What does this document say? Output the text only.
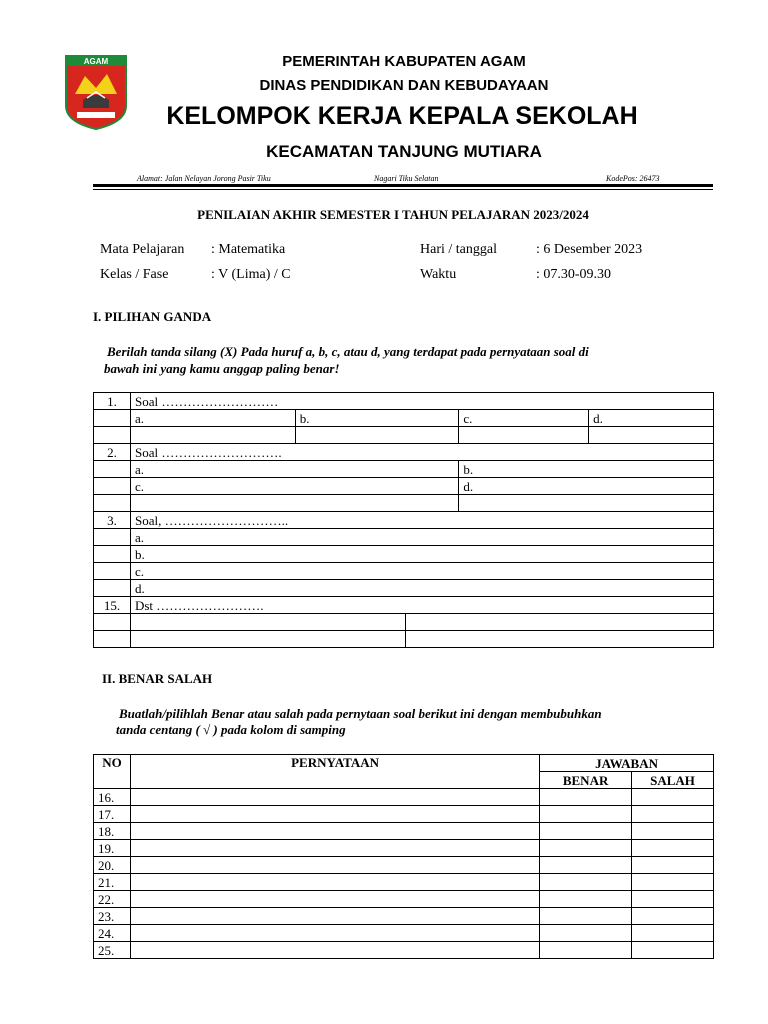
AGAM	PEMERINTAH KABUPATEN AGAM
DINAS PENDIDIKAN DAN KEBUDAYAAN
KELOMPOK KERJA KEPALA SEKOLAH
KECAMATAN TANJUNG MUTIARA
Alamat: Jalan Nelayan Jorong Pasir Tiku	Nagari Tiku Selatan	KodePos: 26473
PENILAIAN AKHIR SEMESTER I TAHUN PELAJARAN 2023/2024
Mata Pelajaran : Matematika	Hari / tanggal	: 6 Desember 2023
Kelas / Fase	: V (Lima) / C	Waktu	: 07.30-09.30
I. PILIHAN GANDA
Berilah tanda silang (X) Pada huruf a, b, c, atau d, yang terdapat pada pernyataan soal di
bawah ini yang kamu anggap paling benar!
1.	Soal ………………………				
	a.	b.		c.	d.

2.	Soal ……………………….				
	a.			b.	
	c.			d.	

3.	Soal, ………………………..				
	a.				
	b.				
	c.				
	d.				
15.	Dst …………………….				

II. BENAR SALAH
Buatlah/pilihlah Benar atau salah pada pernytaan soal berikut ini dengan membubuhkan
tanda centang ( √ ) pada kolom di samping
NO	PERNYATAAN	JAWABAN	
		BENAR	SALAH
16.			
17.			
18.			
19.			
20.			
21.			
22.			
23.			
24.			
25.			
